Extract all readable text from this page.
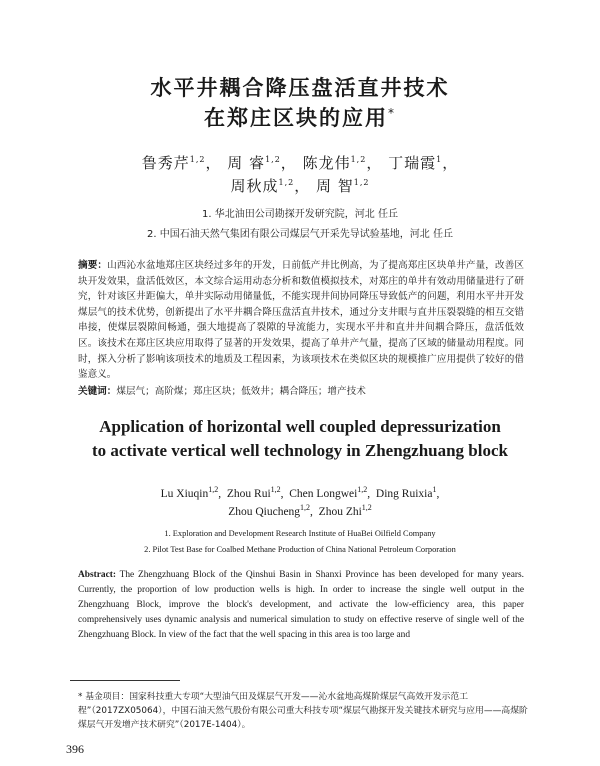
水平井耦合降压盘活直井技术
在郑庄区块的应用*
鲁秀芹$^{1,2}$， 周 睿$^{1,2}$， 陈龙伟$^{1,2}$， 丁瑞霞$^1$，
周秋成$^{1,2}$， 周 智$^{1,2}$
1. 华北油田公司勘探开发研究院，河北 任丘
2. 中国石油天然气集团有限公司煤层气开采先导试验基地，河北 任丘
摘要：山西沁水盆地郑庄区块经过多年的开发，日前低产井比例高，为了提高郑庄区块单井产量，改善区块开发效果，盘活低效区，本文综合运用动态分析和数值模拟技术，对郑庄的单井有效动用储量进行了研究，针对该区井距偏大，单井实际动用储量低，不能实现井间协同降压导致低产的问题，利用水平井开发煤层气的技术优势，创新提出了水平井耦合降压盘活直井技术，通过分支井眼与直井压裂裂缝的相互交错串接，使煤层裂隙间畅通，强大地提高了裂隙的导流能力，实现水平井和直井井间耦合降压，盘活低效区。该技术在郑庄区块应用取得了显著的开发效果，提高了单井产气量，提高了区域的储量动用程度。同时，探入分析了影响该项技术的地质及工程因素，为该项技术在类似区块的规模推广应用提供了较好的借鉴意义。
关键词：煤层气；高阶煤；郑庄区块；低效井；耦合降压；增产技术
Application of horizontal well coupled depressurization
to activate vertical well technology in Zhengzhuang block
Lu Xiuqin$^{1,2}$,  Zhou Rui$^{1,2}$,  Chen Longwei$^{1,2}$,  Ding Ruixia$^1$,
Zhou Qiucheng$^{1,2}$,  Zhou Zhi$^{1,2}$
1. Exploration and Development Research Institute of HuaBei Oilfield Company
2. Pilot Test Base for Coalbed Methane Production of China National Petroleum Corporation
Abstract: The Zhengzhuang Block of the Qinshui Basin in Shanxi Province has been developed for many years. Currently, the proportion of low production wells is high. In order to increase the single well output in the Zhengzhuang Block, improve the block's development, and activate the low-efficiency area, this paper comprehensively uses dynamic analysis and numerical simulation to study on effective reserve of single well of the Zhengzhuang Block. In view of the fact that the well spacing in this area is too large and
* 基金项目：国家科技重大专项“大型油气田及煤层气开发——沁水盆地高煤阶煤层气高效开发示范工程”（2017ZX05064），中国石油天然气股份有限公司重大科技专项“煤层气勘探开发关键技术研究与应用——高煤阶煤层气开发增产技术研究”（2017E-1404）。
396
